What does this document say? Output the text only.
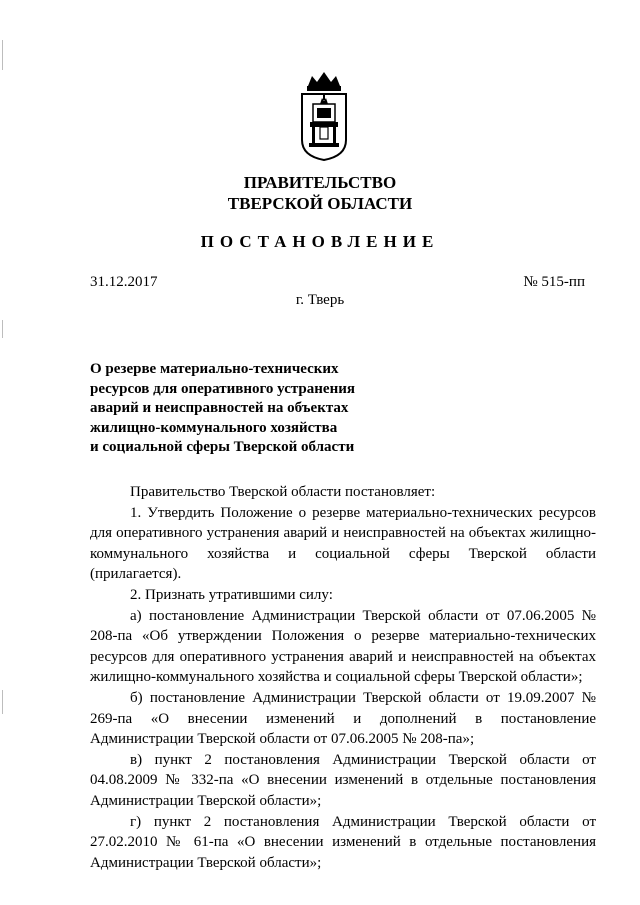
ПРАВИТЕЛЬСТВО
ТВЕРСКОЙ ОБЛАСТИ
ПОСТАНОВЛЕНИЕ
31.12.2017	№ 515-пп
г. Тверь
О резерве материально-технических
ресурсов для оперативного устранения
аварий и неисправностей на объектах
жилищно-коммунального хозяйства
и социальной сферы Тверской области

Правительство Тверской области постановляет:

1. Утвердить Положение о резерве материально-технических ресурсов для оперативного устранения аварий и неисправностей на объектах жилищно-коммунального хозяйства и социальной сферы Тверской области (прилагается).

2. Признать утратившими силу:

а) постановление Администрации Тверской области от 07.06.2005 № 208-па «Об утверждении Положения о резерве материально-технических ресурсов для оперативного устранения аварий и неисправностей на объектах жилищно-коммунального хозяйства и социальной сферы Тверской области»;

б) постановление Администрации Тверской области от 19.09.2007 № 269-па «О внесении изменений и дополнений в постановление Администрации Тверской области от 07.06.2005 № 208-па»;

в) пункт 2 постановления Администрации Тверской области от 04.08.2009 № 332-па «О внесении изменений в отдельные постановления Администрации Тверской области»;

г) пункт 2 постановления Администрации Тверской области от 27.02.2010 № 61-па «О внесении изменений в отдельные постановления Администрации Тверской области»;
